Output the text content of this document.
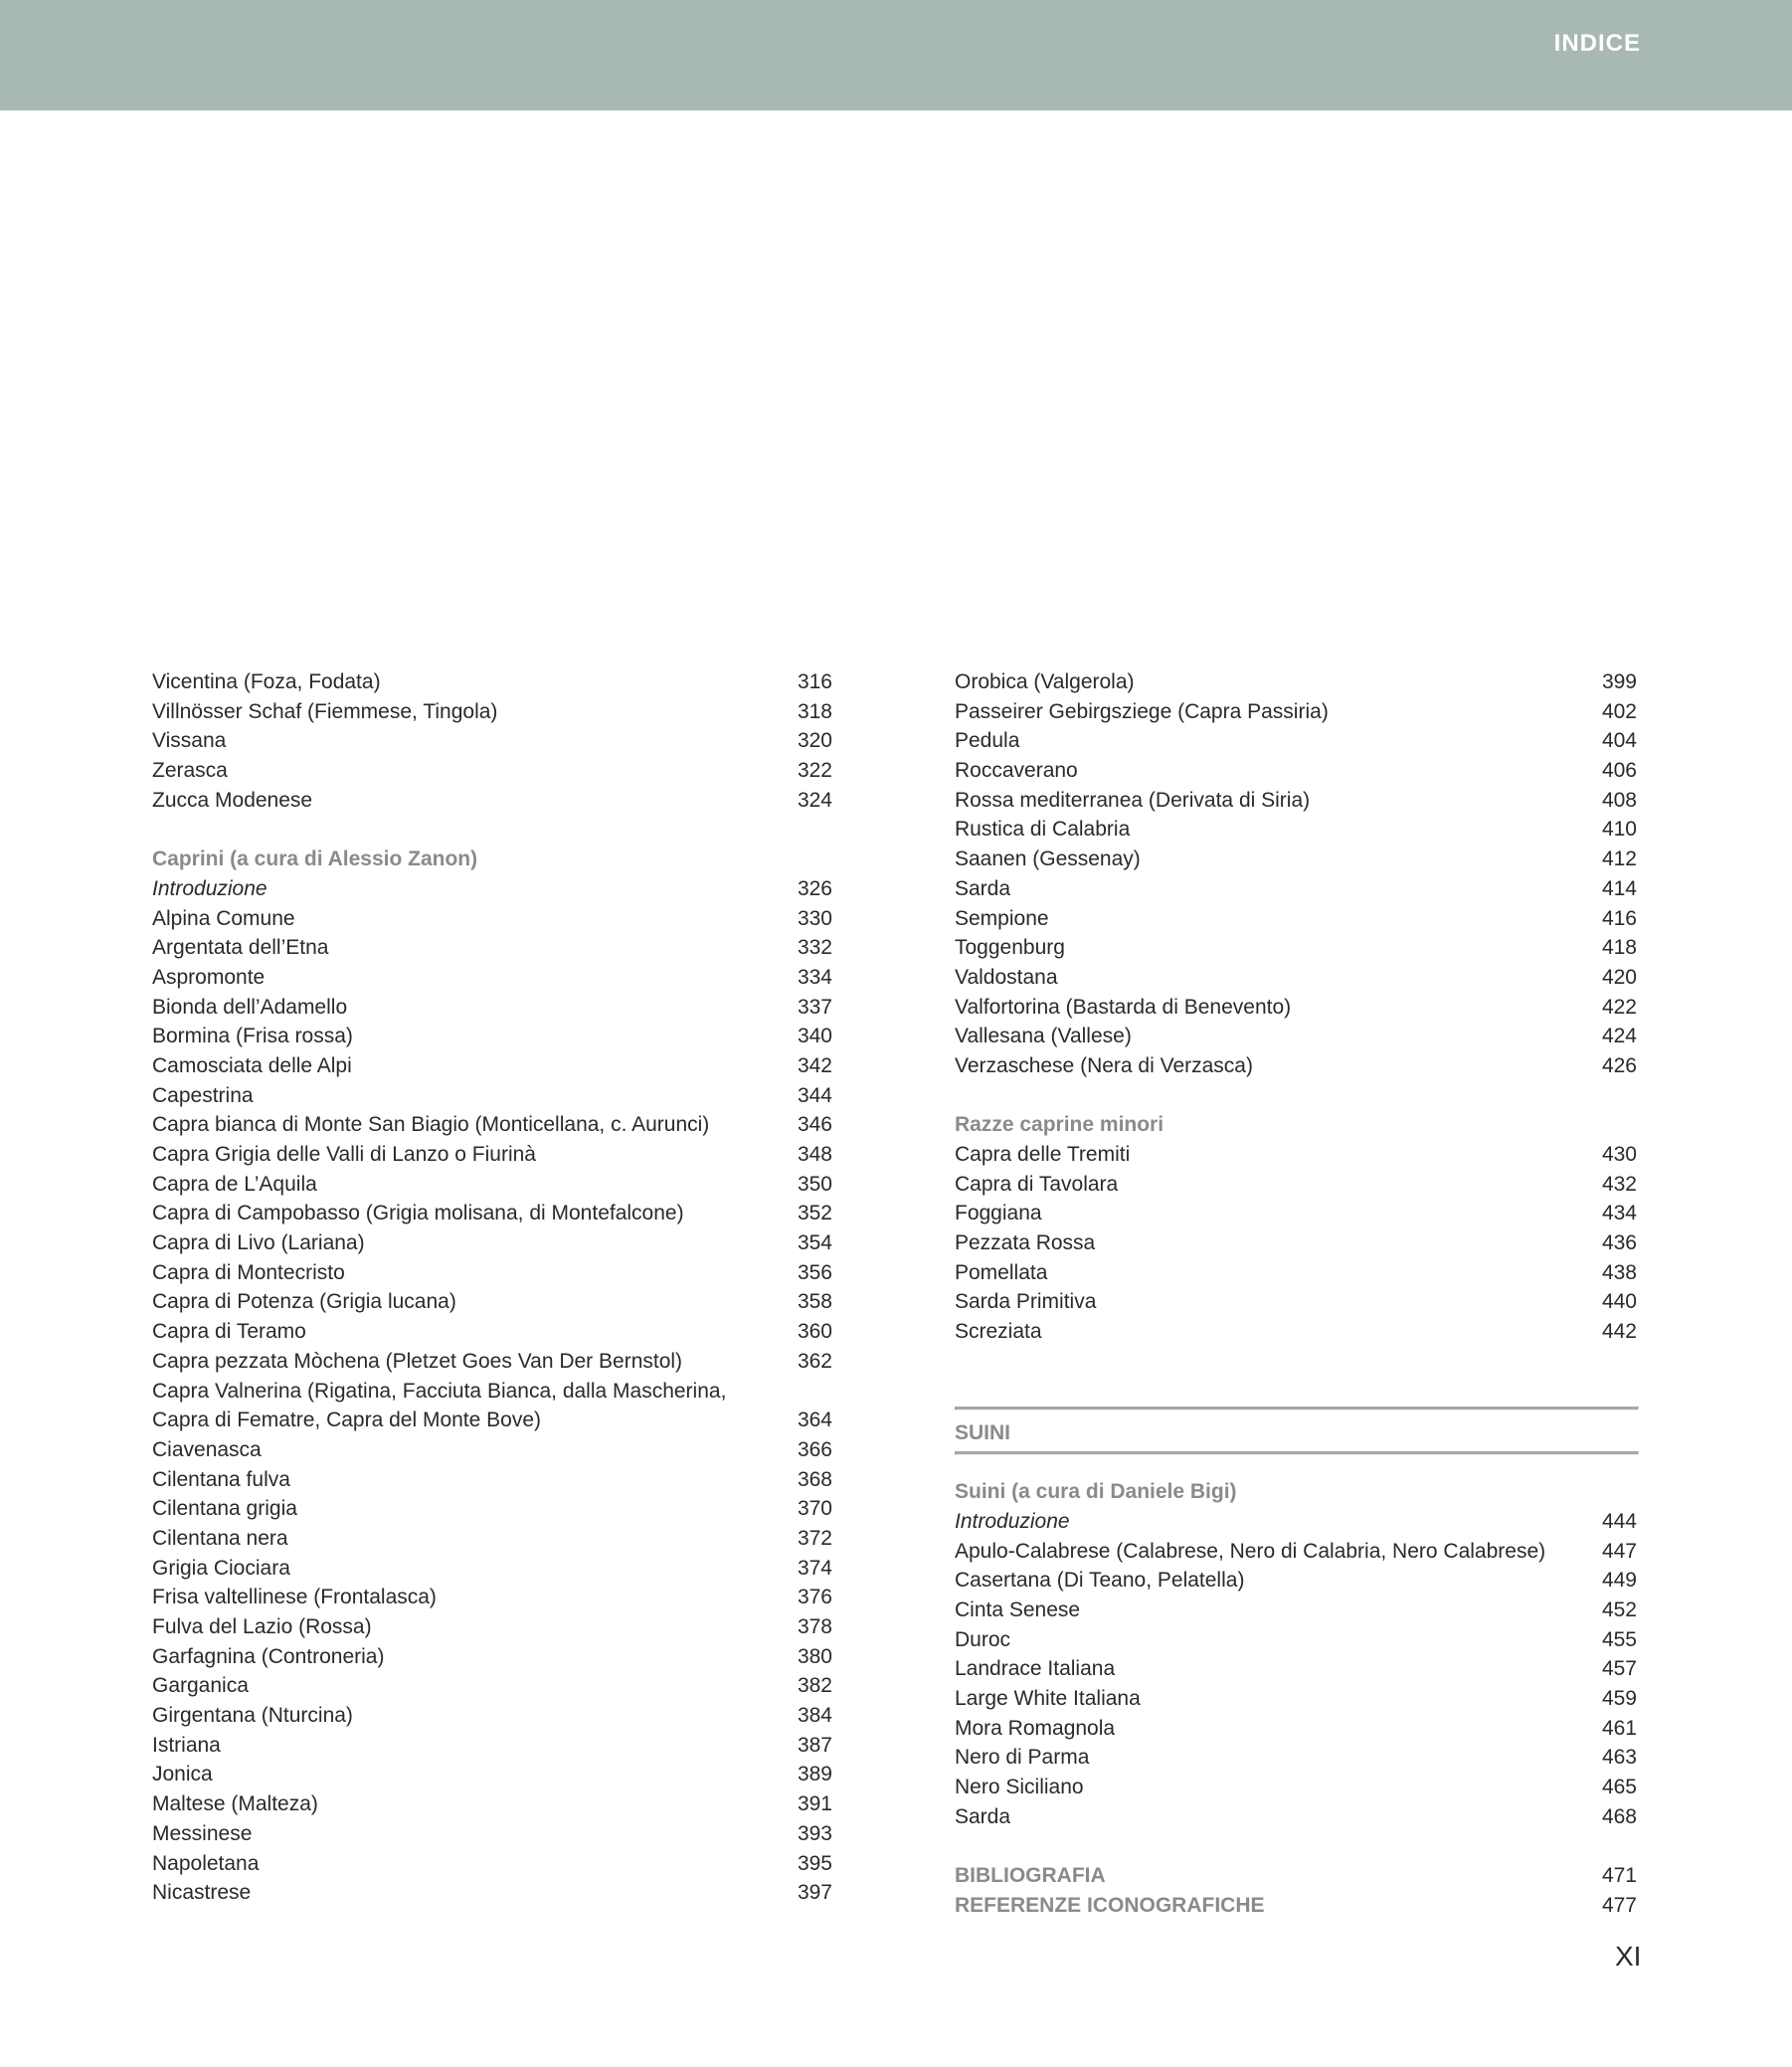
INDICE
Vicentina (Foza, Fodata)	316
Villnösser Schaf (Fiemmese, Tingola)	318
Vissana	320
Zerasca	322
Zucca Modenese	324
Caprini (a cura di Alessio Zanon)
Introduzione	326
Alpina Comune	330
Argentata dell’Etna	332
Aspromonte	334
Bionda dell’Adamello	337
Bormina (Frisa rossa)	340
Camosciata delle Alpi	342
Capestrina	344
Capra bianca di Monte San Biagio (Monticellana, c. Aurunci)	346
Capra Grigia delle Valli di Lanzo o Fiurinà	348
Capra de L’Aquila	350
Capra di Campobasso (Grigia molisana, di Montefalcone)	352
Capra di Livo (Lariana)	354
Capra di Montecristo	356
Capra di Potenza (Grigia lucana)	358
Capra di Teramo	360
Capra pezzata Mòchena (Pletzet Goes Van Der Bernstol)	362
Capra Valnerina (Rigatina, Facciuta Bianca, dalla Mascherina,
Capra di Fematre, Capra del Monte Bove)	364
Ciavenasca	366
Cilentana fulva	368
Cilentana grigia	370
Cilentana nera	372
Grigia Ciociara	374
Frisa valtellinese (Frontalasca)	376
Fulva del Lazio (Rossa)	378
Garfagnina (Controneria)	380
Garganica	382
Girgentana (Nturcina)	384
Istriana	387
Jonica	389
Maltese (Malteza)	391
Messinese	393
Napoletana	395
Nicastrese	397
Orobica (Valgerola)	399
Passeirer Gebirgsziege (Capra Passiria)	402
Pedula	404
Roccaverano	406
Rossa mediterranea (Derivata di Siria)	408
Rustica di Calabria	410
Saanen (Gessenay)	412
Sarda	414
Sempione	416
Toggenburg	418
Valdostana	420
Valfortorina (Bastarda di Benevento)	422
Vallesana (Vallese)	424
Verzaschese (Nera di Verzasca)	426
Razze caprine minori
Capra delle Tremiti	430
Capra di Tavolara	432
Foggiana	434
Pezzata Rossa	436
Pomellata	438
Sarda Primitiva	440
Screziata	442
SUINI
Suini (a cura di Daniele Bigi)
Introduzione	444
Apulo-Calabrese (Calabrese, Nero di Calabria, Nero Calabrese)	447
Casertana (Di Teano, Pelatella)	449
Cinta Senese	452
Duroc	455
Landrace Italiana	457
Large White Italiana	459
Mora Romagnola	461
Nero di Parma	463
Nero Siciliano	465
Sarda	468
BIBLIOGRAFIA	471
REFERENZE ICONOGRAFICHE	477
XI
